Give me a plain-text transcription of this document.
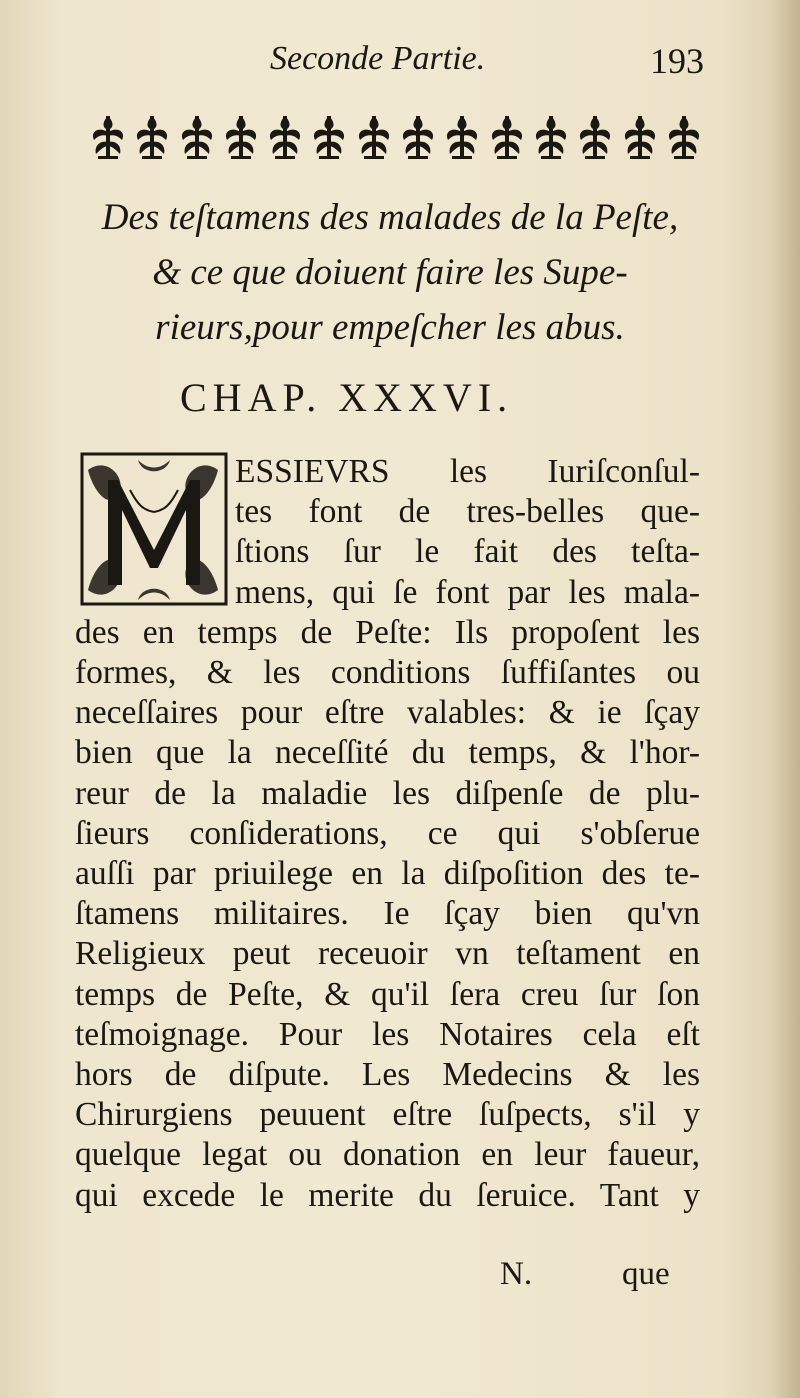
Seconde Partie.	193
Des teſtamens des malades de la Peſte,
& ce que doiuent faire les Supe-
rieurs,pour empeſcher les abus.
CHAP. XXXVI.
ESSIEVRS les Iuriſconſul-
tes font de tres-belles que-
ſtions ſur le fait des teſta-
mens, qui ſe font par les mala-
des en temps de Peſte: Ils propoſent les
formes, & les conditions ſuffiſantes ou
neceſſaires pour eſtre valables: & ie ſçay
bien que la neceſſité du temps, & l'hor-
reur de la maladie les diſpenſe de plu-
ſieurs conſiderations, ce qui s'obſerue
auſſi par priuilege en la diſpoſition des te-
ſtamens militaires. Ie ſçay bien qu'vn
Religieux peut receuoir vn teſtament en
temps de Peſte, & qu'il ſera creu ſur ſon
teſmoignage. Pour les Notaires cela eſt
hors de diſpute. Les Medecins & les
Chirurgiens peuuent eſtre ſuſpects, s'il y
quelque legat ou donation en leur faueur,
qui excede le merite du ſeruice. Tant y
N.	que
